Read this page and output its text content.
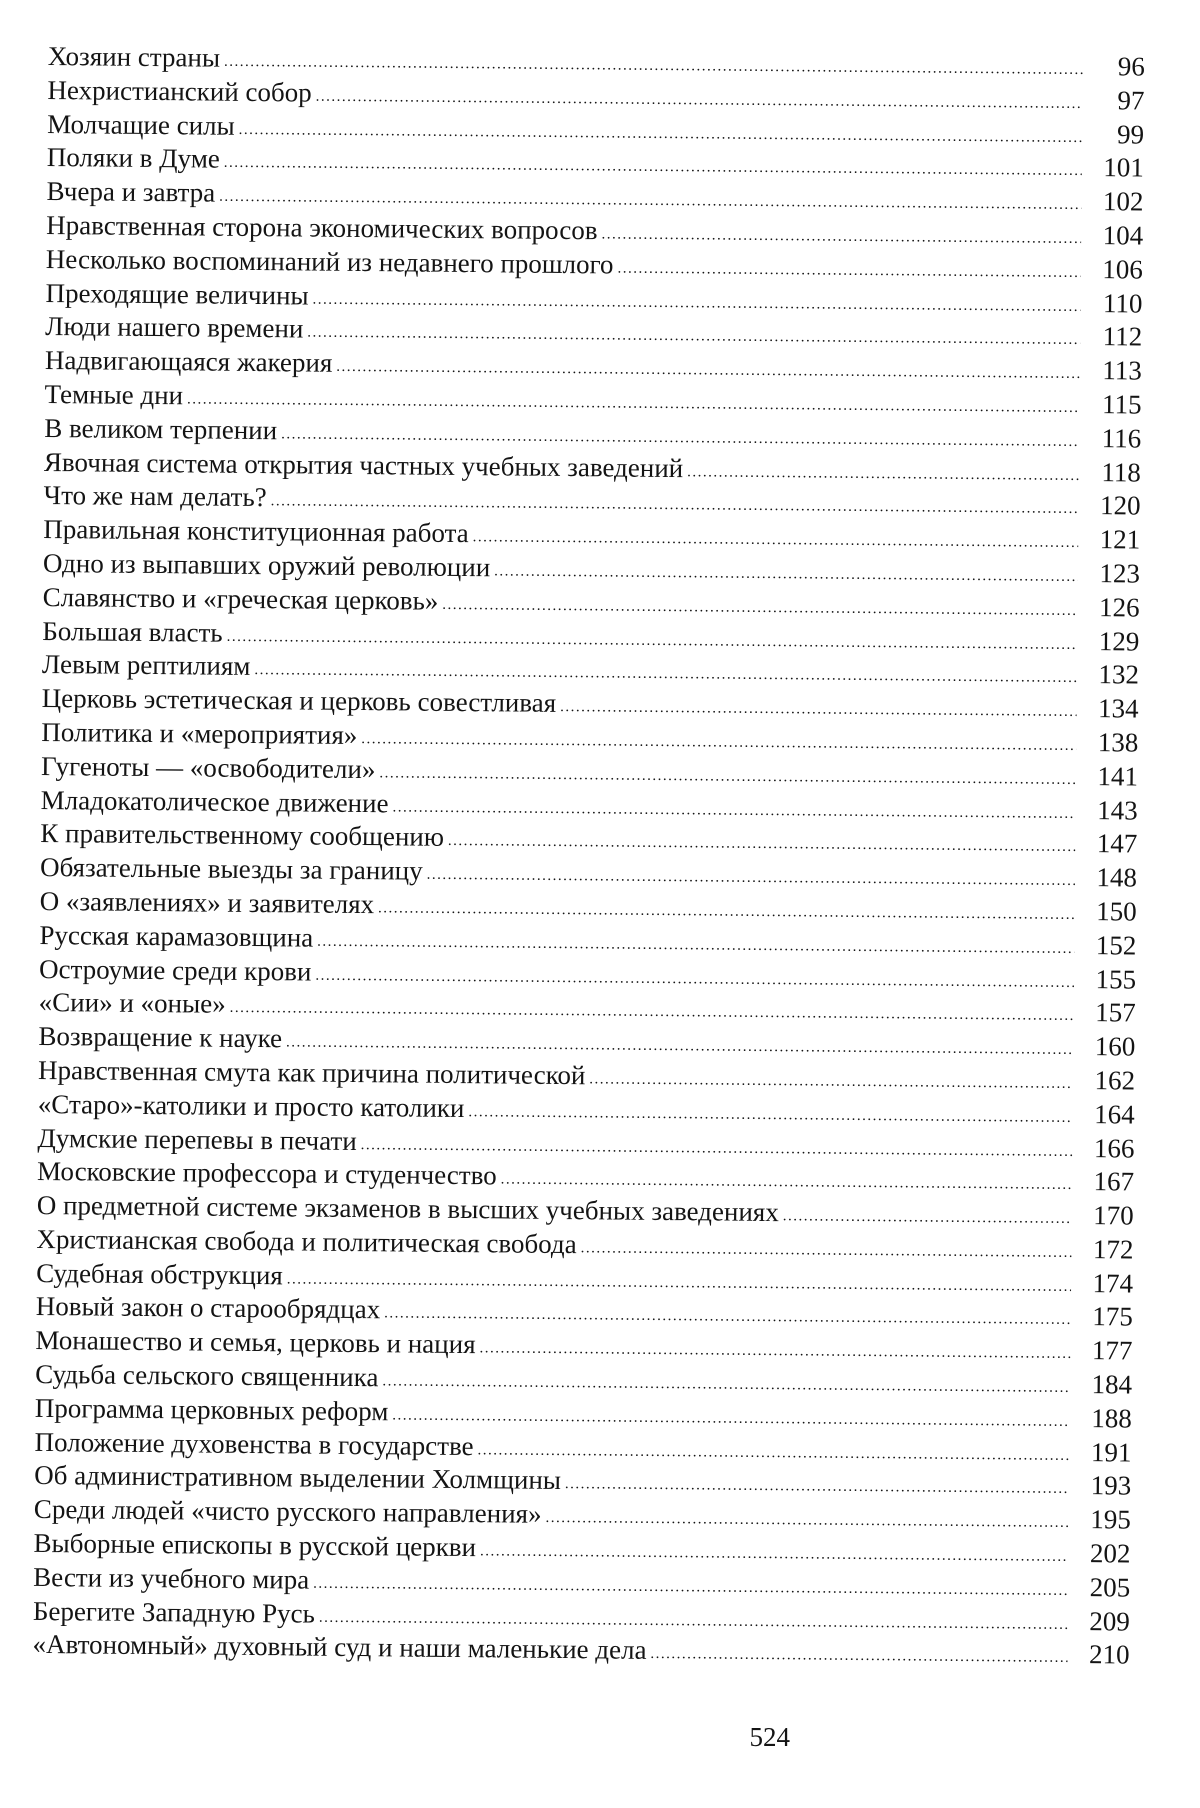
Хозяин страны .....	96
Нехристианский собор .....	97
Молчащие силы .....	99
Поляки в Думе .....	101
Вчера и завтра .....	102
Нравственная сторона экономических вопросов .....	104
Несколько воспоминаний из недавнего прошлого .....	106
Преходящие величины .....	110
Люди нашего времени .....	112
Надвигающаяся жакерия .....	113
Темные дни .....	115
В великом терпении .....	116
Явочная система открытия частных учебных заведений .....	118
Что же нам делать? .....	120
Правильная конституционная работа .....	121
Одно из выпавших оружий революции .....	123
Славянство и «греческая церковь» .....	126
Большая власть .....	129
Левым рептилиям .....	132
Церковь эстетическая и церковь совестливая .....	134
Политика и «мероприятия» .....	138
Гугеноты — «освободители» .....	141
Младокатолическое движение .....	143
К правительственному сообщению .....	147
Обязательные выезды за границу .....	148
О «заявлениях» и заявителях .....	150
Русская карамазовщина .....	152
Остроумие среди крови .....	155
«Сии» и «оные» .....	157
Возвращение к науке .....	160
Нравственная смута как причина политической .....	162
«Старо»-католики и просто католики .....	164
Думские перепевы в печати .....	166
Московские профессора и студенчество .....	167
О предметной системе экзаменов в высших учебных заведениях .....	170
Христианская свобода и политическая свобода .....	172
Судебная обструкция .....	174
Новый закон о старообрядцах .....	175
Монашество и семья, церковь и нация .....	177
Судьба сельского священника .....	184
Программа церковных реформ .....	188
Положение духовенства в государстве .....	191
Об административном выделении Холмщины .....	193
Среди людей «чисто русского направления» .....	195
Выборные епископы в русской церкви .....	202
Вести из учебного мира .....	205
Берегите Западную Русь .....	209
«Автономный» духовный суд и наши маленькие дела .....	210
524
